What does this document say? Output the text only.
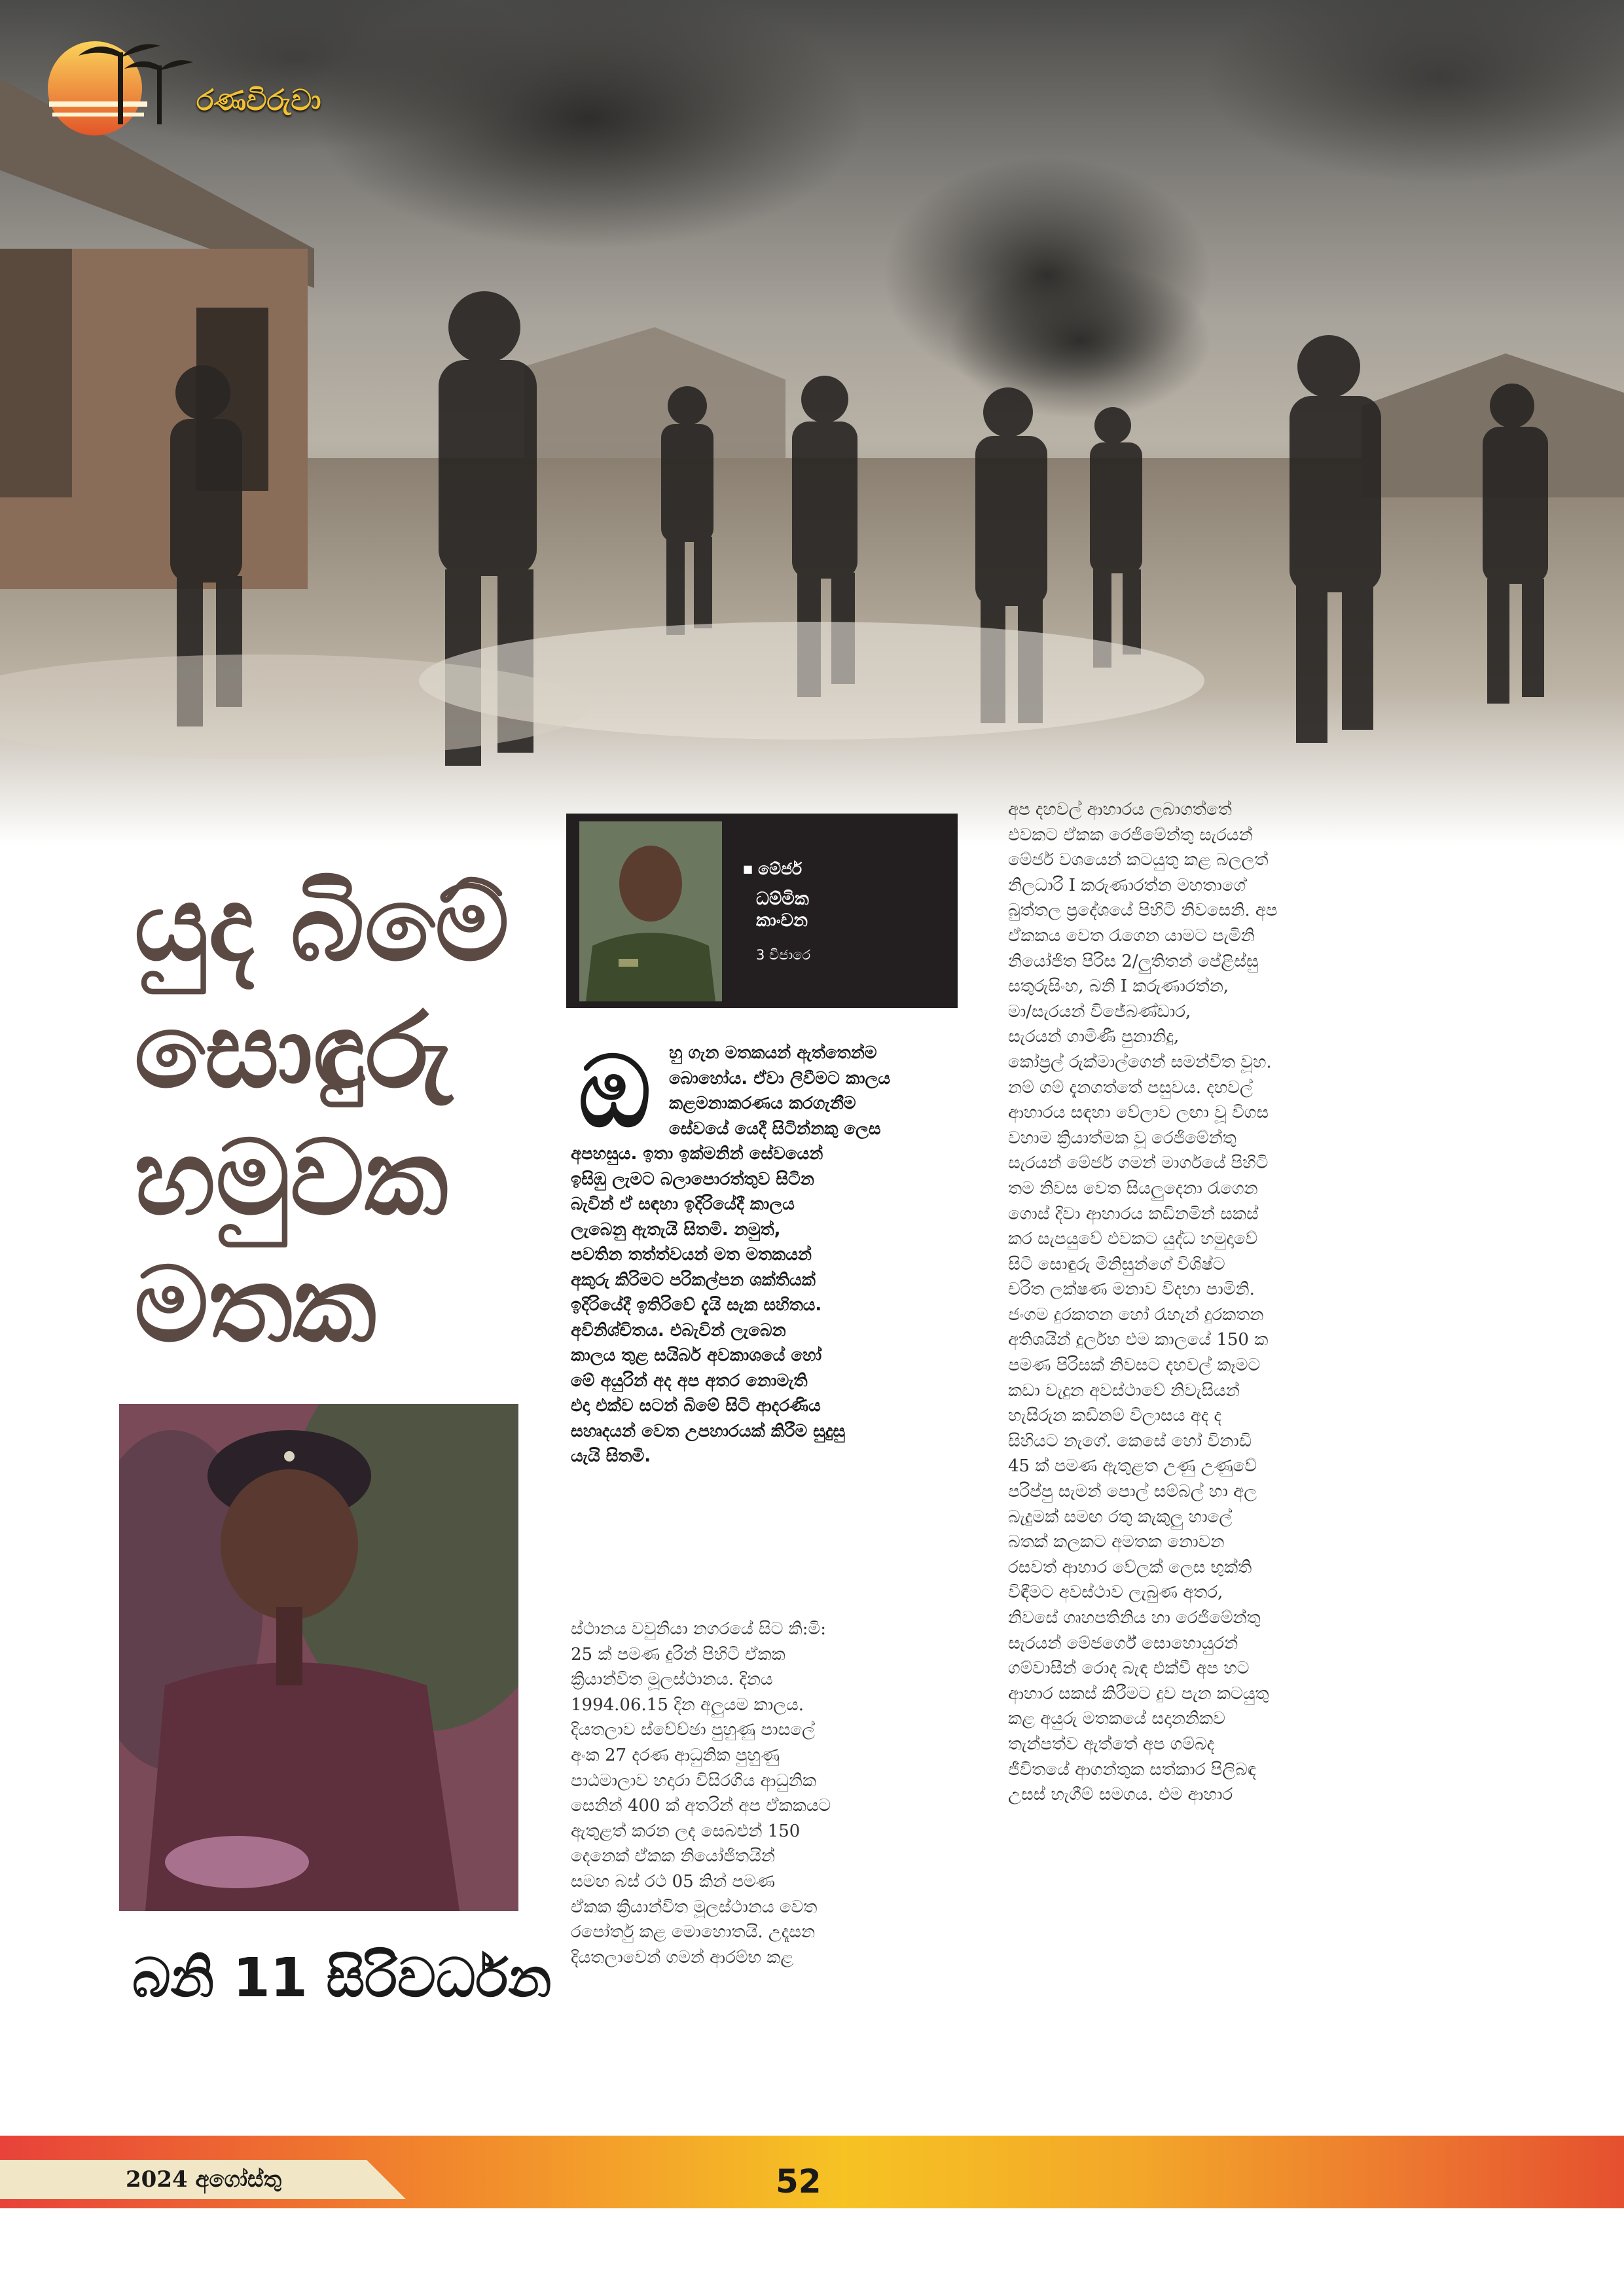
රණවිරුවා
යුද බිමේ
සොඳුරු
හමුවක
මතක
බනි 11 සිරිවර්ධන
■ මේජර්
ධම්මික
කාංචන
3 විජාරෙ
ඔ	හු ගැන මතකයන් ඇත්තෙන්ම
බොහෝය. ඒවා ලිවීමට කාලය
කළමනාකරණය කරගැනීම
සේවයේ යෙදී සිටින්නකු ලෙස
අපහසුය. ඉතා ඉක්මනින් සේවයෙන්
ඉසිඹු ලැමට බලාපොරත්තුව සිටින
බැවින් ඒ සඳහා ඉදිරියේදී කාලය
ලැබෙනු ඇතැයි සිතමි. නමුත්,
පවතින තත්ත්වයන් මත මතකයන්
අකුරු කිරිමට පරිකල්පන ශක්තියක්
ඉදිරියේදී ඉතිරිවේ දැයි සැක සහිතය.
අවිනිශ්චිතය. එබැවින් ලැබෙන
කාලය තුළ සයිබර් අවකාශයේ හෝ
මේ අයුරින් අද අප අතර නොමැති
එදා එක්ව සටන් බිමේ සිටි ආදරණිය
සහෘදයන් වෙත උපහාරයක් කිරීම සුදුසු
යැයි සිතමි.
ස්ථානය වවුනියා නගරයේ සිට කි:මි:
25 ක් පමණ දුරින් පිහිටි ඒකක
ක්‍රියාන්විත මූලස්ථානය. දිනය
1994.06.15 දින අලුයම කාලය.
දියතලාව ස්වේච්ඡා පුහුණු පාසලේ
අංක 27 දරණ ආධුනික පුහුණු
පාඨමාලාව හදාරා විසිරගිය ආධුනික
සෙනින් 400 ක් අතරින් අප ඒකකයට
ඇතුළත් කරන ලද සෙබළුන් 150
දෙනෙක් ඒකක නියෝජිතයින්
සමඟ බස් රථ 05 කින් පමණ
ඒකක ක්‍රියාන්විත මූලස්ථානය වෙත
රපෝර්තු කළ මොහොතයි. උදෑසන
දියතලාවෙන් ගමන් ආරම්භ කළ
අප දහවල් ආහාරය ලබාගත්තේ
එවකට ඒකක රෙජිමේන්තු සැරයන්
මේජර් වශයෙන් කටයුතු කළ බලලත්
නිලධාරි I කරුණාරත්න මහතාගේ
බුත්තල ප්‍රදේශයේ පිහිටි නිවසෙනි. අප
ඒකකය වෙත රැගෙන යාමට පැමිනි
නියෝජිත පිරිස 2/ලුතිතන් පේළිස්සු
සතුරුසිංහ, බනි I කරුණාරත්න,
මා/සැරයන් විජේබණ්ඩාර,
සැරයන් ගාමිණී පුනානිදු,
කෝප්‍රල් රුක්මාල්ගෙන් සමන්විත වූහ.
නම් ගම් දැනගත්තේ පසුවය. දහවල්
ආහාරය සඳහා වේලාව ලඟා වූ විගස
වහාම ක්‍රියාත්මක වූ රෙජිමේන්තු
සැරයන් මේජර් ගමන් මාර්ගයේ පිහිටි
තම නිවස වෙත සියලුදෙනා රැගෙන
ගොස් දිවා ආහාරය කඩිනමින් සකස්
කර සැපයුවේ එවකට යුද්ධ හමුදාවේ
සිටි සොඳුරු මිනිසුන්ගේ විශිෂ්ට
චරිත ලක්ෂණ මනාව විදහා පාමිනි.
ජංගම දුරකතන හෝ රැහැන් දුරකතන
අතිශයින් දුර්ලභ එම කාලයේ 150 ක
පමණ පිරිසක් නිවසට දහවල් කෑමට
කඩා වැදුන අවස්ථාවේ නිවැසියන්
හැසිරුන කඩිනම් විලාසය අද ද
සිහියට නැගේ. කෙසේ හෝ විනාඩි
45 ක් පමණ ඇතුළත උණු උණුවේ
පරිප්පු සැමන් පොල් සම්බල් හා අල
බැදුමක් සමඟ රතු කැකුලු හාලේ
බතක් කලකට අමතක නොවන
රසවත් ආහාර වේලක් ලෙස භුක්ති
විඳීමට අවස්ථාව ලැබුණ අතර,
නිවසේ ගෘහපතිනිය හා රෙජිමේන්තු
සැරයන් මේජර්ගේ සොහොයුරන්
ගම්වාසීන් රොද බැඳ එක්වී අප හට
ආහාර සකස් කිරීමට දුව පැන කටයුතු
කළ අයුරු මතකයේ සදානනිකව
තැන්පත්ව ඇත්තේ අප ගම්බද
ජීවිතයේ ආගන්තුක සත්කාර පිලිබඳ
උසස් හැගීම් සමගය. එම ආහාර
2024 අගෝස්තු	52
